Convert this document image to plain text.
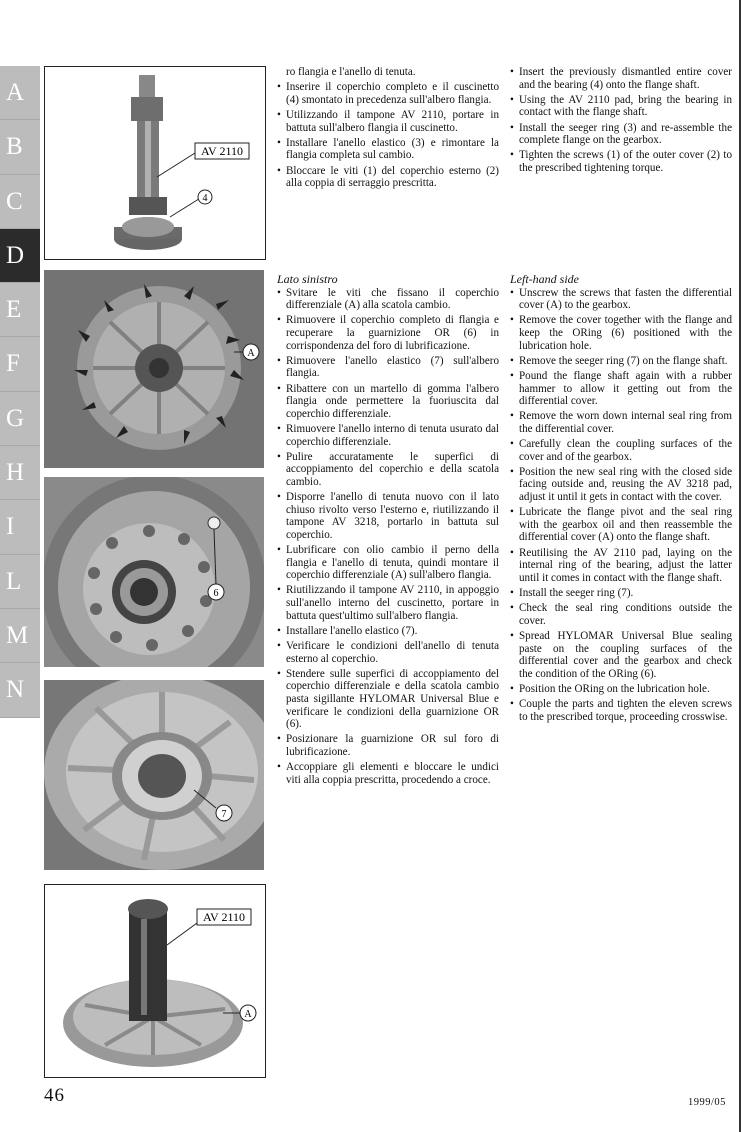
A
B
C
D
E
F
G
H
I
L
M
N
AV 2110
4
A
6
7
AV 2110
A
ro flangia e l'anello di tenuta.
• Inserire il coperchio completo e il cuscinetto (4) smontato in precedenza sull'albero flangia.
• Utilizzando il tampone AV 2110, portare in battuta sull'albero flangia il cuscinetto.
• Installare l'anello elastico (3) e rimontare la flangia completa sul cambio.
• Bloccare le viti (1) del coperchio esterno (2) alla coppia di serraggio prescritta.
• Insert the previously dismantled entire cover and the bearing (4) onto the flange shaft.
• Using the AV 2110 pad, bring the bearing in contact with the flange shaft.
• Install the seeger ring (3) and re-assemble the complete flange on the gearbox.
• Tighten the screws (1) of the outer cover (2) to the prescribed tightening torque.
Lato sinistro
• Svitare le viti che fissano il coperchio differenziale (A) alla scatola cambio.
• Rimuovere il coperchio completo di flangia e recuperare la guarnizione OR (6) in corrispondenza del foro di lubrificazione.
• Rimuovere l'anello elastico (7) sull'albero flangia.
• Ribattere con un martello di gomma l'albero flangia onde permettere la fuoriuscita dal coperchio differenziale.
• Rimuovere l'anello interno di tenuta usurato dal coperchio differenziale.
• Pulire accuratamente le superfici di accoppiamento del coperchio e della scatola cambio.
• Disporre l'anello di tenuta nuovo con il lato chiuso rivolto verso l'esterno e, riutilizzando il tampone AV 3218, portarlo in battuta sul coperchio.
• Lubrificare con olio cambio il perno della flangia e l'anello di tenuta, quindi montare il coperchio differenziale (A) sull'albero flangia.
• Riutilizzando il tampone AV 2110, in appoggio sull'anello interno del cuscinetto, portare in battuta quest'ultimo sull'albero flangia.
• Installare l'anello elastico (7).
• Verificare le condizioni dell'anello di tenuta esterno al coperchio.
• Stendere sulle superfici di accoppiamento del coperchio differenziale e della scatola cambio pasta sigillante HYLOMAR Universal Blue e verificare le condizioni della guarnizione OR (6).
• Posizionare la guarnizione OR sul foro di lubrificazione.
• Accoppiare gli elementi e bloccare le undici viti alla coppia prescritta, procedendo a croce.
Left-hand side
• Unscrew the screws that fasten the differential cover (A) to the gearbox.
• Remove the cover together with the flange and keep the ORing (6) positioned with the lubrication hole.
• Remove the seeger ring (7) on the flange shaft.
• Pound the flange shaft again with a rubber hammer to allow it getting out from the differential cover.
• Remove the worn down internal seal ring from the differential cover.
• Carefully clean the coupling surfaces of the cover and of the gearbox.
• Position the new seal ring with the closed side facing outside and, reusing the AV 3218 pad, adjust it until it gets in contact with the cover.
• Lubricate the flange pivot and the seal ring with the gearbox oil and then reassemble the differential cover (A) onto the flange shaft.
• Reutilising the AV 2110 pad, laying on the internal ring of the bearing, adjust the latter until it comes in contact with the flange shaft.
• Install the seeger ring (7).
• Check the seal ring conditions outside the cover.
• Spread HYLOMAR Universal Blue sealing paste on the coupling surfaces of the differential cover and the gearbox and check the condition of the ORing (6).
• Position the ORing on the lubrication hole.
• Couple the parts and tighten the eleven screws to the prescribed torque, proceeding crosswise.
46	1999/05
